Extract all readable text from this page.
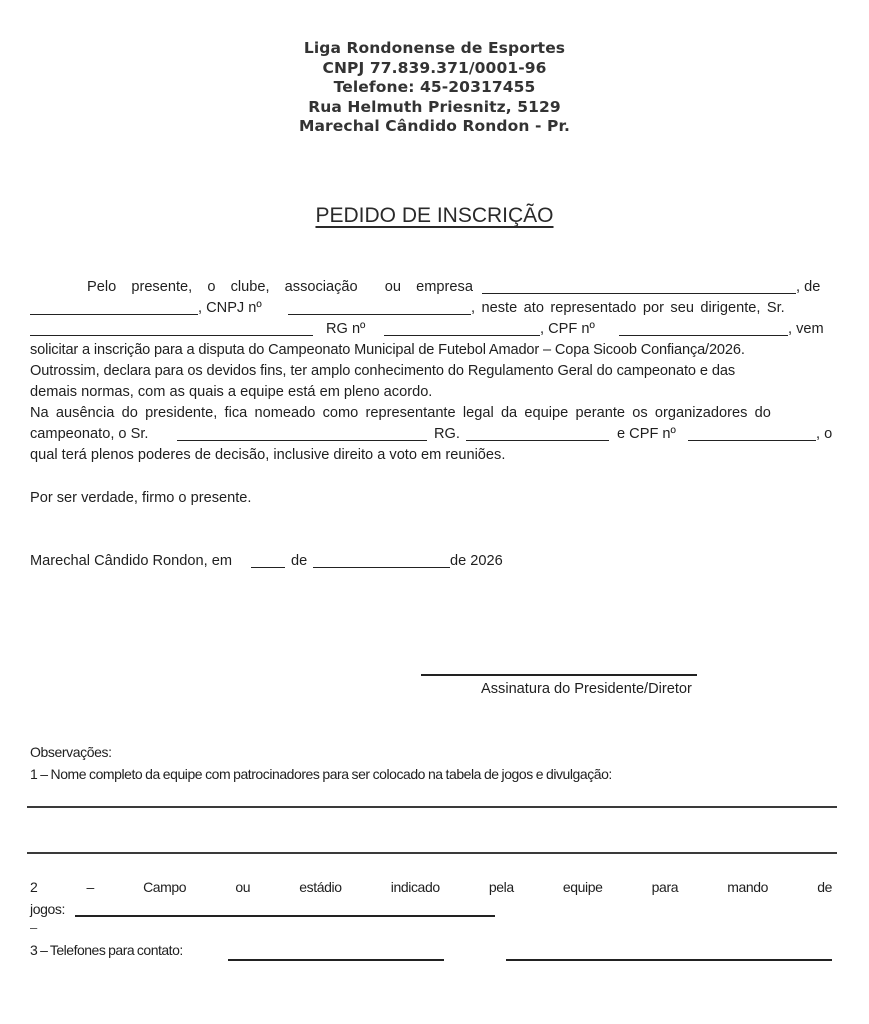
Liga Rondonense de Esportes
CNPJ 77.839.371/0001-96
Telefone: 45-20317455
Rua Helmuth Priesnitz, 5129
Marechal Cândido Rondon - Pr.
PEDIDO DE INSCRIÇÃO
Pelo presente, o clube, associação ou empresa	, de
, CNPJ nº	, neste ato representado por seu dirigente, Sr.
RG nº	, CPF nº	, vem
solicitar a inscrição para a disputa do Campeonato Municipal de Futebol Amador – Copa Sicoob Confiança/2026.
Outrossim, declara para os devidos fins, ter amplo conhecimento do Regulamento Geral do campeonato e das
demais normas, com as quais a equipe está em pleno acordo.
Na ausência do presidente, fica nomeado como representante legal da equipe perante os organizadores do
campeonato, o Sr.	RG.	e CPF nº	, o
qual terá plenos poderes de decisão, inclusive direito a voto em reuniões.
Por ser verdade, firmo o presente.
Marechal Cândido Rondon, em	de	de 2026
Assinatura do Presidente/Diretor
Observações:
1 – Nome completo da equipe com patrocinadores para ser colocado na tabela de jogos e divulgação:
2	–	Campo	ou	estádio	indicado	pela	equipe	para	mando	de
jogos:
–
3 – Telefones para contato:
